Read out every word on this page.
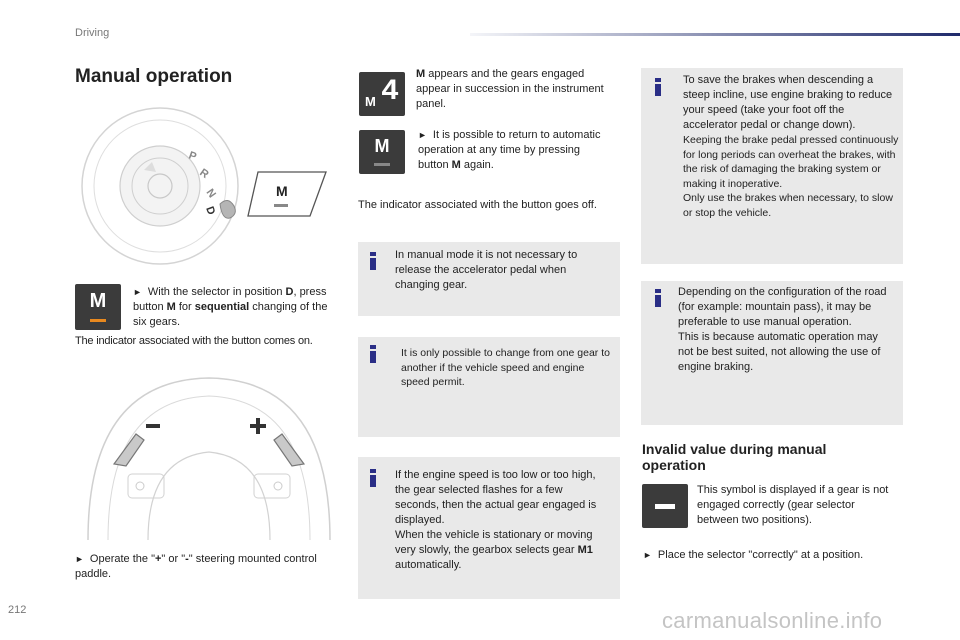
Driving
Manual operation
P
R
N
D
M
M	► With the selector in position D, press button M for sequential changing of the six gears.
The indicator associated with the button comes on.
► Operate the "+" or "-" steering mounted control paddle.
M 4
M appears and the gears engaged appear in succession in the instrument panel.
M
► It is possible to return to automatic operation at any time by pressing button M again.
The indicator associated with the button goes off.
In manual mode it is not necessary to release the accelerator pedal when changing gear.
It is only possible to change from one gear to another if the vehicle speed and engine speed permit.
If the engine speed is too low or too high, the gear selected flashes for a few seconds, then the actual gear engaged is displayed.
When the vehicle is stationary or moving very slowly, the gearbox selects gear M1 automatically.
To save the brakes when descending a steep incline, use engine braking to reduce your speed (take your foot off the accelerator pedal or change down).
Keeping the brake pedal pressed continuously for long periods can overheat the brakes, with the risk of damaging the braking system or making it inoperative.
Only use the brakes when necessary, to slow or stop the vehicle.
Depending on the configuration of the road (for example: mountain pass), it may be preferable to use manual operation.
This is because automatic operation may not be best suited, not allowing the use of engine braking.
Invalid value during manual operation
This symbol is displayed if a gear is not engaged correctly (gear selector between two positions).
► Place the selector "correctly" at a position.
212	carmanualsonline.info
